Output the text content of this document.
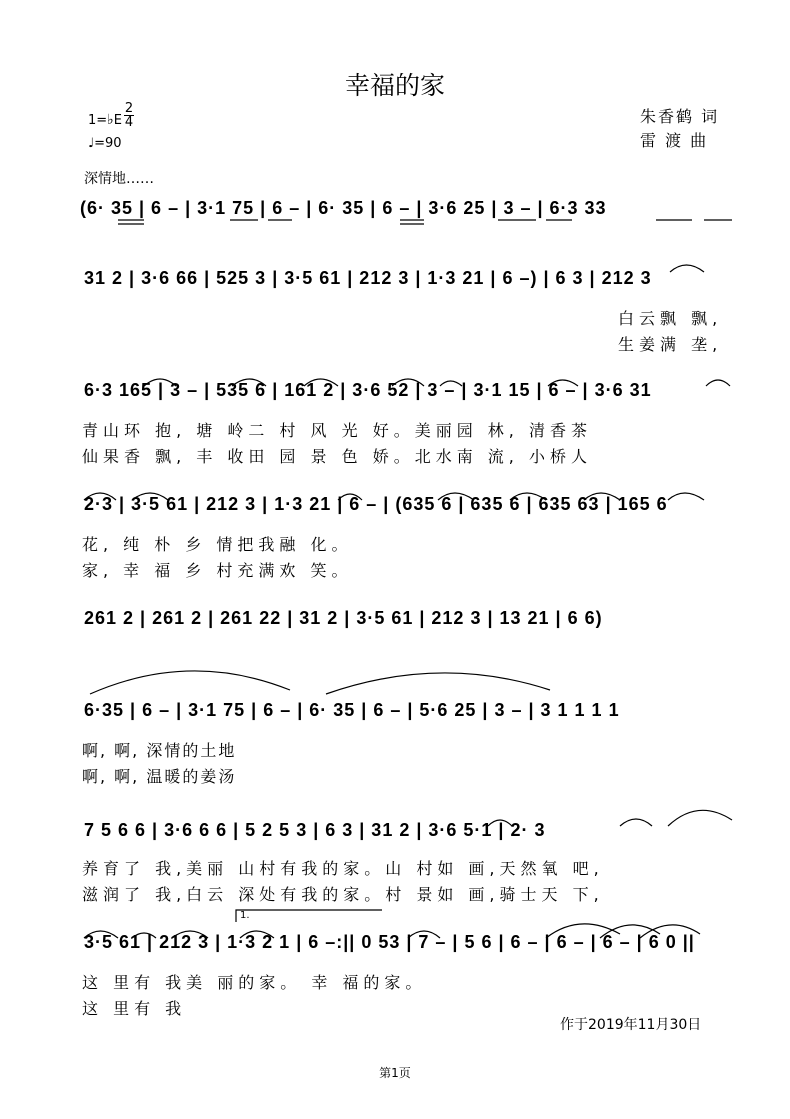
幸福的家
1=♭E
2
4
♩=90
深情地……
朱香鹤 词
雷 渡 曲
(6· 35 | 6 – | 3·1 75 | 6 – | 6· 35 | 6 – | 3·6 25 | 3 – | 6·3 33
31 2 | 3·6 66 | 525 3 | 3·5 61 | 212 3 | 1·3 21 | 6 –) | 6 3 | 212 3
白云飘 飘,
生姜满 垄,
6·3 165 | 3 – | 535 6 | 161 2 | 3·6 52 | 3 – | 3·1 15 | 6 – | 3·6 31
青山环 抱, 塘 岭二 村 风 光 好。美丽园 林, 清香茶
仙果香 飘, 丰 收田 园 景 色 娇。北水南 流, 小桥人
2·3 | 3·5 61 | 212 3 | 1·3 21 | 6 – | (635 6 | 635 6 | 635 63 | 165 6
花, 纯 朴 乡 情把我融 化。
家, 幸 福 乡 村充满欢 笑。
261 2 | 261 2 | 261 22 | 31 2 | 3·5 61 | 212 3 | 13 21 | 6 6)
6·35 | 6 – | 3·1 75 | 6 – | 6· 35 | 6 – | 5·6 25 | 3 – | 3 1 1 1 1
啊, 啊, 深情的土地
啊, 啊, 温暖的姜汤
7 5 6 6 | 3·6 6 6 | 5 2 5 3 | 6 3 | 31 2 | 3·6 5·1 | 2· 3
养育了 我,美丽 山村有我的家。山 村如 画,天然氧 吧,
滋润了 我,白云 深处有我的家。村 景如 画,骑士天 下,
1.
3·5 61 | 212 3 | 1·3 2 1 | 6 –:|| 0 53 | 7 – | 5 6 | 6 – | 6 – | 6 – | 6 0 ||
这 里有 我美 丽的家。 幸 福的家。
这 里有 我
作于2019年11月30日
第1页
